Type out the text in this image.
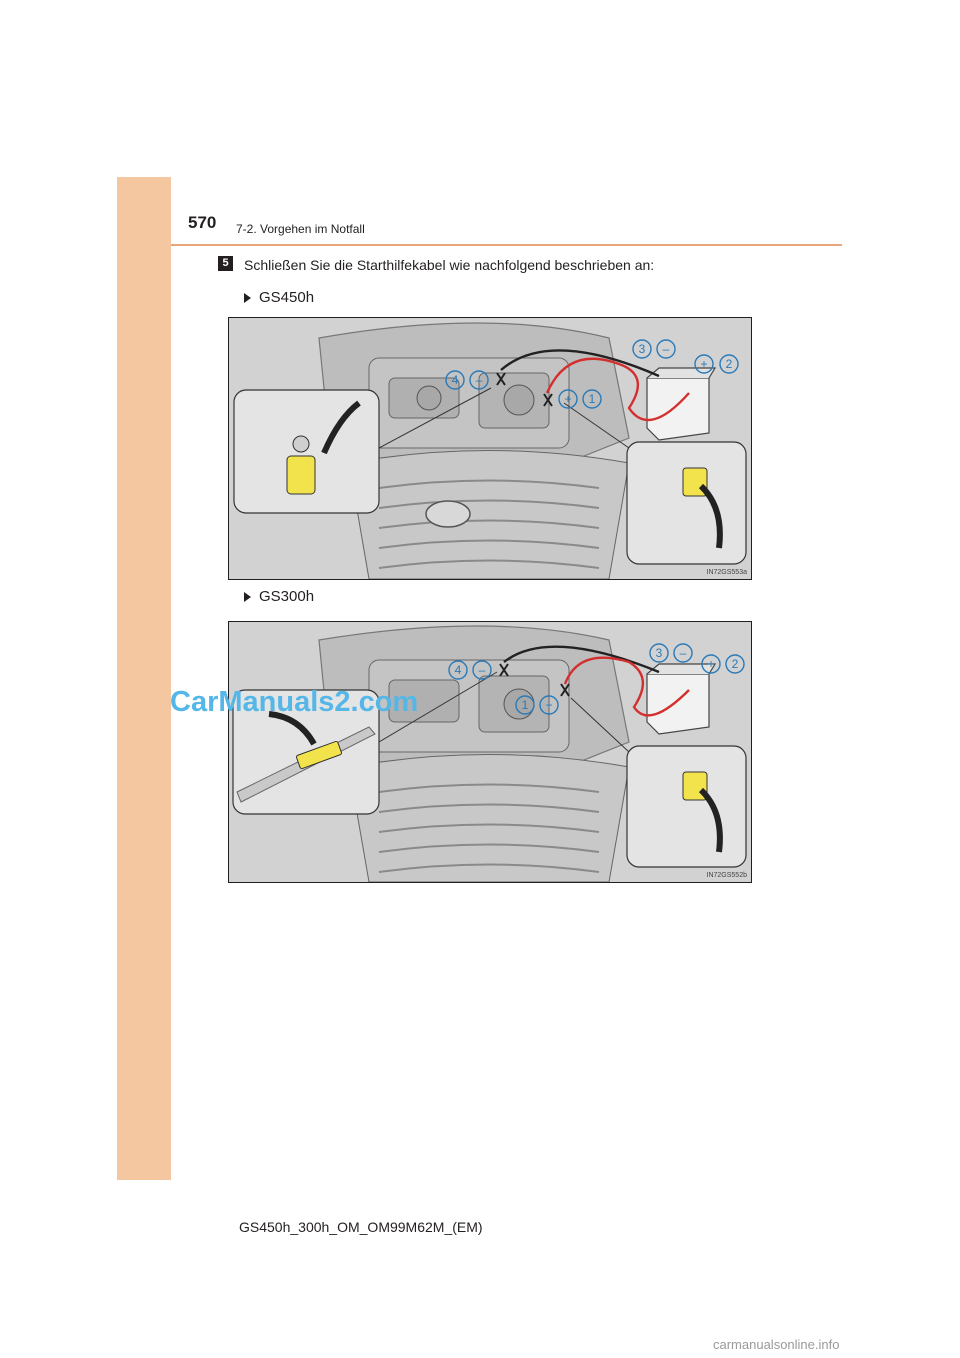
570 7-2. Vorgehen im Notfall
5	Schließen Sie die Starthilfekabel wie nachfolgend beschrieben an:
GS450h
3 –
+ 2
4 –
+ 1
IN72GS553a
GS300h
3 –
+ 2
4 –
1 +
IN72GS552b
CarManuals2.com
GS450h_300h_OM_OM99M62M_(EM)
carmanualsonline.info
